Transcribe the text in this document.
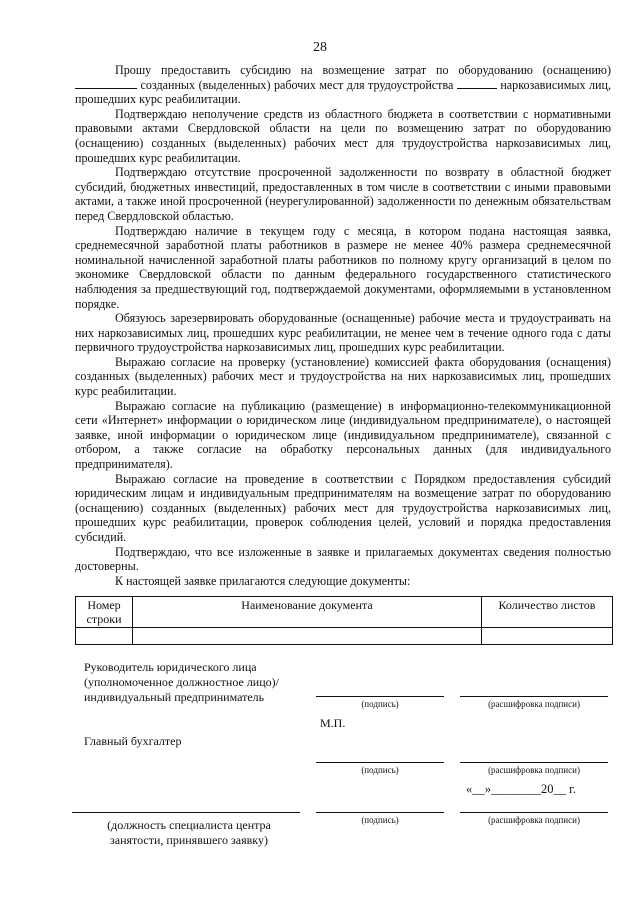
28

Прошу предоставить субсидию на возмещение затрат по оборудованию (оснащению)  созданных (выделенных) рабочих мест для трудоустройства	наркозависимых лиц, прошедших курс реабилитации.

Подтверждаю неполучение средств из областного бюджета в соответствии с нормативными правовыми актами Свердловской области на цели по возмещению затрат по оборудованию (оснащению) созданных (выделенных) рабочих мест для трудоустройства наркозависимых лиц, прошедших курс реабилитации.

Подтверждаю отсутствие просроченной задолженности по возврату в областной бюджет субсидий, бюджетных инвестиций, предоставленных в том числе в соответствии с иными правовыми актами, а также иной просроченной (неурегулированной) задолженности по денежным обязательствам перед Свердловской областью.

Подтверждаю наличие в текущем году с месяца, в котором подана настоящая заявка, среднемесячной заработной платы работников в размере не менее 40% размера среднемесячной номинальной начисленной заработной платы работников по полному кругу организаций в целом по экономике Свердловской области по данным федерального государственного статистического наблюдения за предшествующий год, подтверждаемой документами, оформляемыми в установленном порядке.

Обязуюсь зарезервировать оборудованные (оснащенные) рабочие места и трудоустраивать на них наркозависимых лиц, прошедших курс реабилитации, не менее чем в течение одного года с даты первичного трудоустройства наркозависимых лиц, прошедших курс реабилитации.

Выражаю согласие на проверку (установление) комиссией факта оборудования (оснащения) созданных (выделенных) рабочих мест и трудоустройства на них наркозависимых лиц, прошедших курс реабилитации.

Выражаю согласие на публикацию (размещение) в информационно-телекоммуникационной сети «Интернет» информации о юридическом лице (индивидуальном предпринимателе), о настоящей заявке, иной информации о юридическом лице (индивидуальном предпринимателе), связанной с отбором, а также согласие на обработку персональных данных (для индивидуального предпринимателя).

Выражаю согласие на проведение в соответствии с Порядком предоставления субсидий юридическим лицам и индивидуальным предпринимателям на возмещение затрат по оборудованию (оснащению) созданных (выделенных) рабочих мест для трудоустройства наркозависимых лиц, прошедших курс реабилитации, проверок соблюдения целей, условий и порядка предоставления субсидий.

Подтверждаю, что все изложенные в заявке и прилагаемых документах сведения полностью достоверны.

К настоящей заявке прилагаются следующие документы:

Номер строки	Наименование документа	Количество листов

Руководитель юридического лица (уполномоченное должностное лицо)/ индивидуальный предприниматель	(подпись)	(расшифровка подписи)
М.П.
Главный бухгалтер
(подпись)	(расшифровка подписи)
«__»________20__ г.
(должность специалиста центра занятости, принявшего заявку)
(подпись)	(расшифровка подписи)
